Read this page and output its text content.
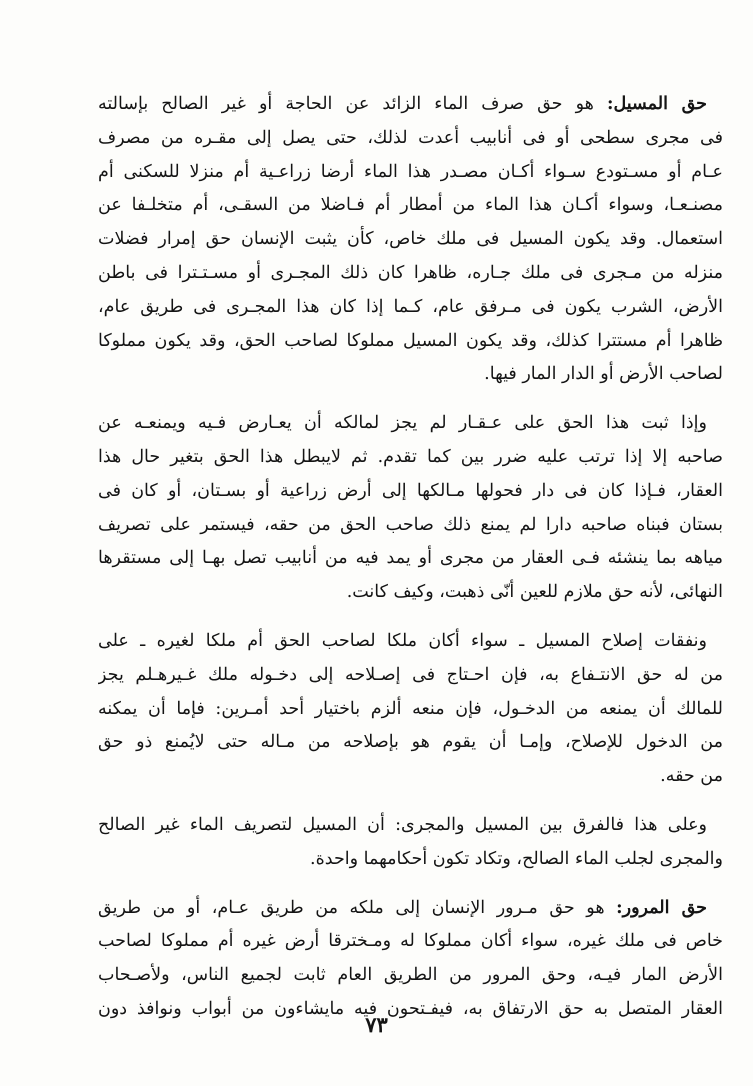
حق المسيل: هو حق صرف الماء الزائد عن الحاجة أو غير الصالح بإسالته
فى مجرى سطحى أو فى أنابيب أعدت لذلك، حتى يصل إلى مقـره من مصرف
عـام أو مسـتودع سـواء أكـان مصـدر هذا الماء أرضا زراعـية أم منزلا للسكنى أم
مصنـعـا، وسواء أكـان هذا الماء من أمطار أم فـاضلا من السقـى، أم متخلـفا عن
استعمال. وقد يكون المسيل فى ملك خاص، كأن يثبت الإنسان حق إمرار فضلات
منزله من مـجرى فى ملك جـاره، ظاهرا كان ذلك المجـرى أو مسـتـترا فى باطن
الأرض، الشرب يكون فى مـرفق عام، كـما إذا كان هذا المجـرى فى طريق عام،
ظاهرا أم مستترا كذلك، وقد يكون المسيل مملوكا لصاحب الحق، وقد يكون مملوكا
لصاحب الأرض أو الدار المار فيها.
وإذا ثبت هذا الحق على عـقـار لم يجز لمالكه أن يعـارض فـيه ويمنعـه عن
صاحبه إلا إذا ترتب عليه ضرر بين كما تقدم. ثم لايبطل هذا الحق بتغير حال هذا
العقار، فـإذا كان فى دار فحولها مـالكها إلى أرض زراعية أو بسـتان، أو كان فى
بستان فبناه صاحبه دارا لم يمنع ذلك صاحب الحق من حقه، فيستمر على تصريف
مياهه بما ينشئه فـى العقار من مجرى أو يمد فيه من أنابيب تصل بهـا إلى مستقرها
النهائى، لأنه حق ملازم للعين أنّى ذهبت، وكيف كانت.
ونفقات إصلاح المسيل ـ سواء أكان ملكا لصاحب الحق أم ملكا لغيره ـ على
من له حق الانتـفاع به، فإن احـتاج فى إصـلاحه إلى دخـوله ملك غـيرهـلم يجز
للمالك أن يمنعه من الدخـول، فإن منعه ألزم باختيار أحد أمـرين: فإما أن يمكنه
من الدخول للإصلاح، وإمـا أن يقوم هو بإصلاحه من مـاله حتى لايُمنع ذو حق
من حقه.
وعلى هذا فالفرق بين المسيل والمجرى: أن المسيل لتصريف الماء غير الصالح
والمجرى لجلب الماء الصالح، وتكاد تكون أحكامهما واحدة.
حق المرور: هو حق مـرور الإنسان إلى ملكه من طريق عـام، أو من طريق
خاص فى ملك غيره، سواء أكان مملوكا له ومـخترقا أرض غيره أم مملوكا لصاحب
الأرض المار فيـه، وحق المرور من الطريق العام ثابت لجميع الناس، ولأصـحاب
العقار المتصل به حق الارتفاق به، فيفـتحون فيه مايشاءون من أبواب ونوافذ دون
٧٣
